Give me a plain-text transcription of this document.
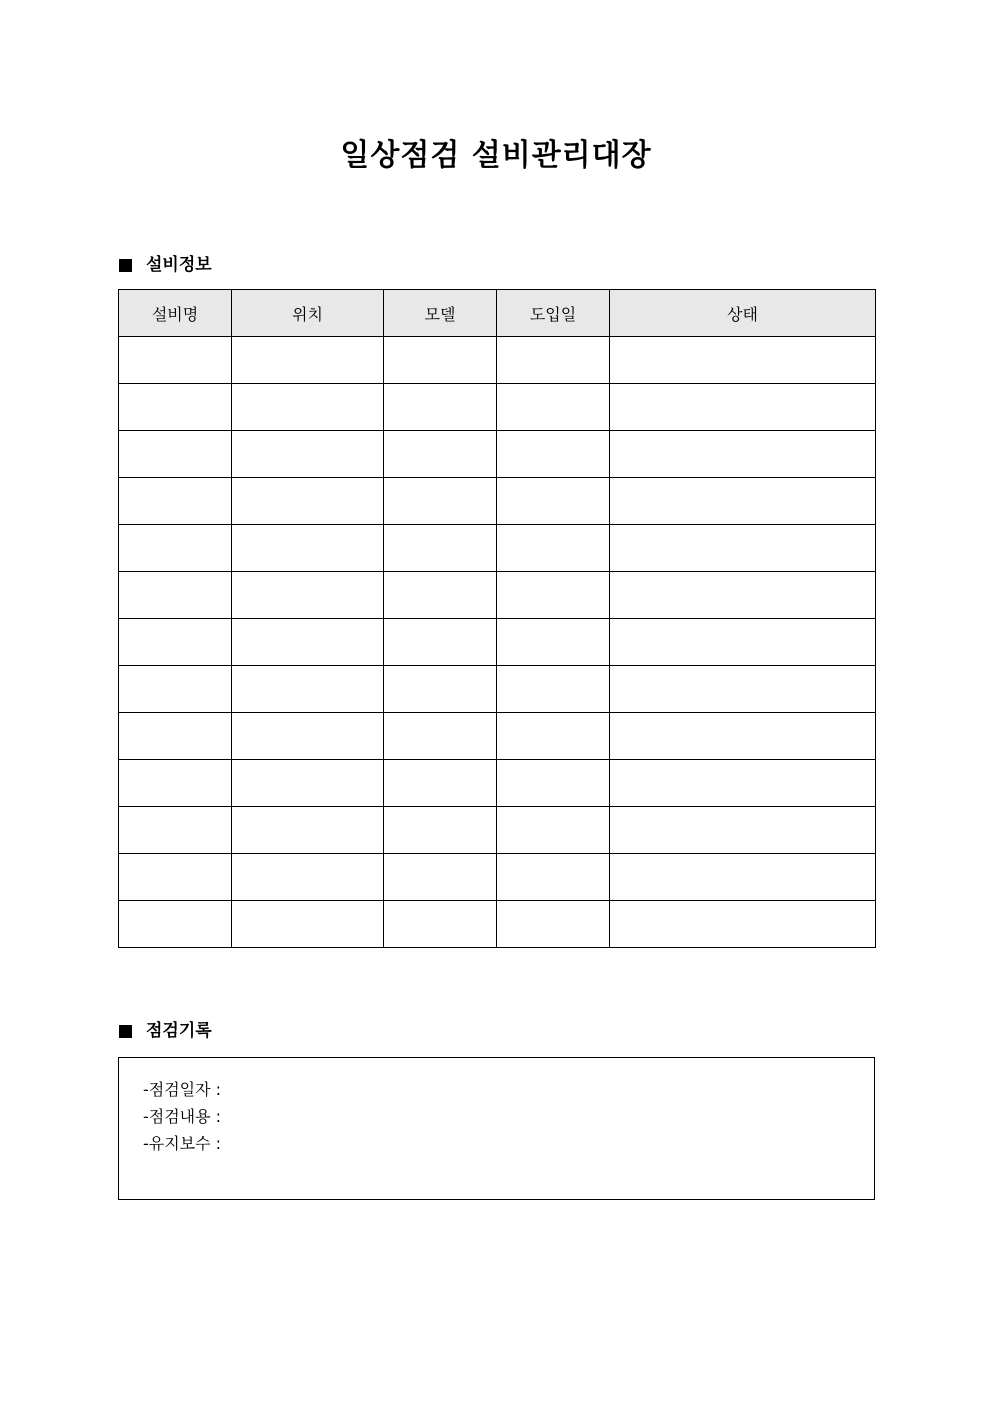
일상점검 설비관리대장
설비정보
설비명	위치	모델	도입일	상태

점검기록
-점검일자 :
-점검내용 :
-유지보수 :
